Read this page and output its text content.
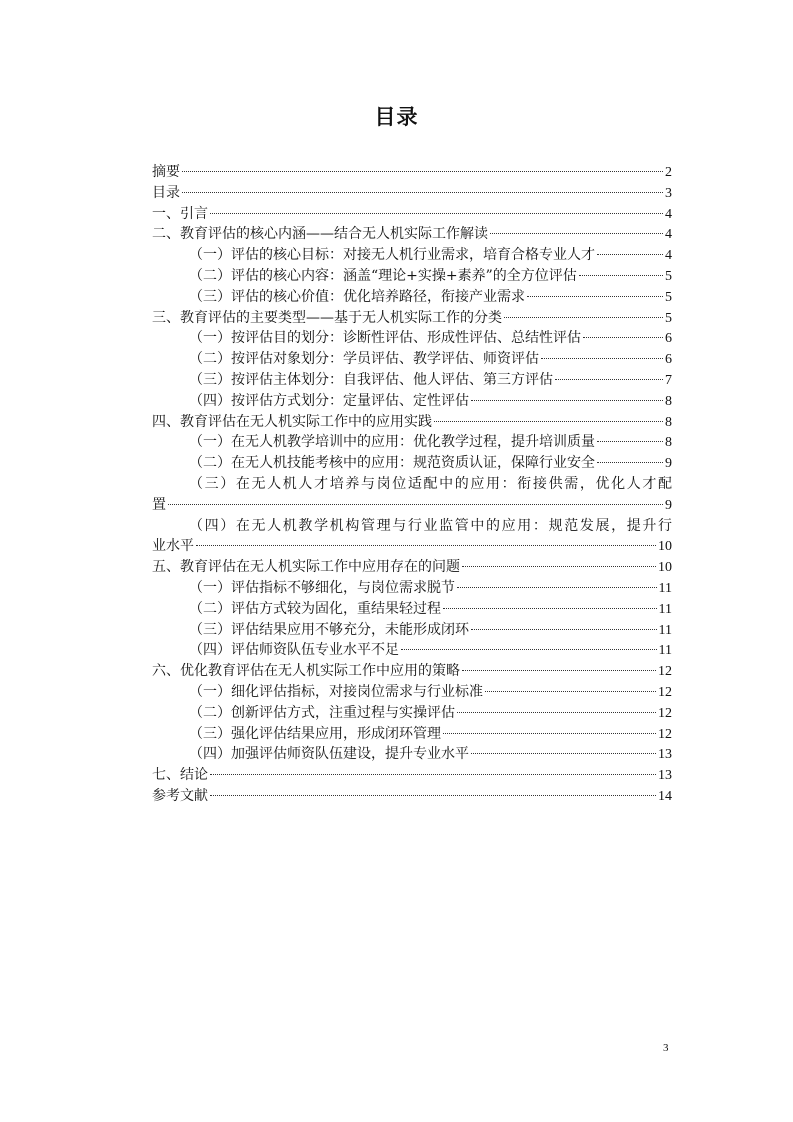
目录
摘要	2
目录	3
一、引言	4
二、教育评估的核心内涵——结合无人机实际工作解读	4
（一）评估的核心目标：对接无人机行业需求，培育合格专业人才	4
（二）评估的核心内容：涵盖“理论+实操+素养”的全方位评估	5
（三）评估的核心价值：优化培养路径，衔接产业需求	5
三、教育评估的主要类型——基于无人机实际工作的分类	5
（一）按评估目的划分：诊断性评估、形成性评估、总结性评估	6
（二）按评估对象划分：学员评估、教学评估、师资评估	6
（三）按评估主体划分：自我评估、他人评估、第三方评估	7
（四）按评估方式划分：定量评估、定性评估	8
四、教育评估在无人机实际工作中的应用实践	8
（一）在无人机教学培训中的应用：优化教学过程，提升培训质量	8
（二）在无人机技能考核中的应用：规范资质认证，保障行业安全	9
（三）在无人机人才培养与岗位适配中的应用：衔接供需，优化人才配
置	9
（四）在无人机教学机构管理与行业监管中的应用：规范发展，提升行
业水平	10
五、教育评估在无人机实际工作中应用存在的问题	10
（一）评估指标不够细化，与岗位需求脱节	11
（二）评估方式较为固化，重结果轻过程	11
（三）评估结果应用不够充分，未能形成闭环	11
（四）评估师资队伍专业水平不足	11
六、优化教育评估在无人机实际工作中应用的策略	12
（一）细化评估指标，对接岗位需求与行业标准	12
（二）创新评估方式，注重过程与实操评估	12
（三）强化评估结果应用，形成闭环管理	12
（四）加强评估师资队伍建设，提升专业水平	13
七、结论	13
参考文献	14
3
